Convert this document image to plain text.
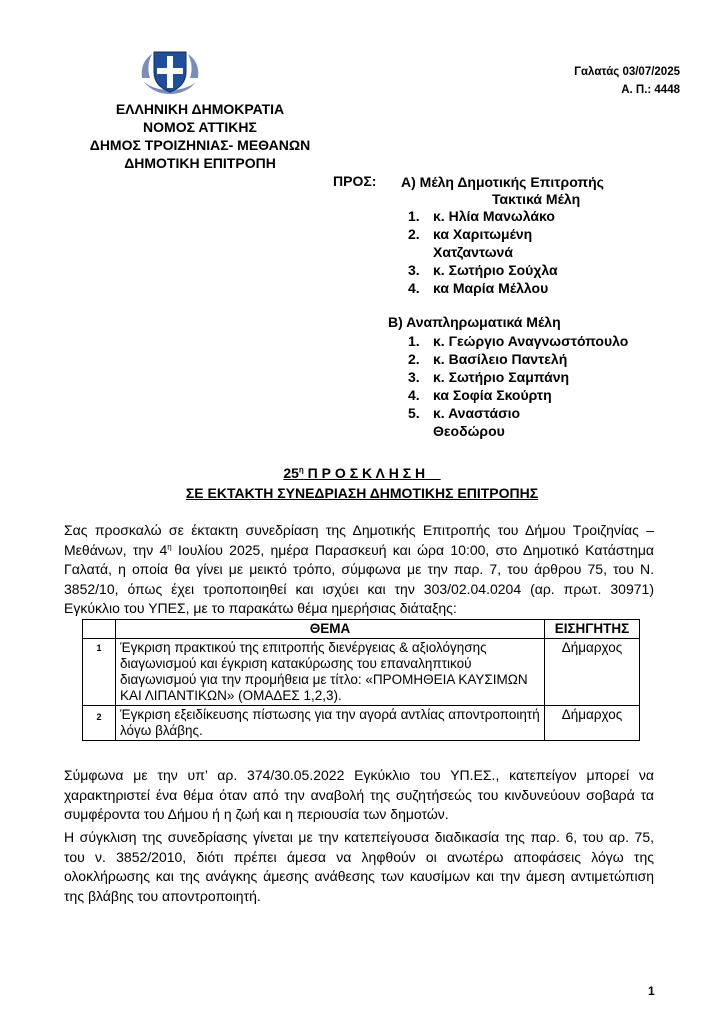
Γαλατάς 03/07/2025
Α. Π.: 4448
ΕΛΛΗΝΙΚΗ ΔΗΜΟΚΡΑΤΙΑ
ΝΟΜΟΣ ΑΤΤΙΚΗΣ
ΔΗΜΟΣ ΤΡΟΙΖΗΝΙΑΣ- ΜΕΘΑΝΩΝ
ΔΗΜΟΤΙΚΗ ΕΠΙΤΡΟΠΗ
ΠΡΟΣ: Α) Μέλη Δημοτικής Επιτροπής
Τακτικά Μέλη
1. κ. Ηλία Μανωλάκο
2. κα Χαριτωμένη Χατζαντωνά
3. κ. Σωτήριο Σούχλα
4. κα Μαρία Μέλλου
Β) Αναπληρωματικά Μέλη
1. κ. Γεώργιο Αναγνωστόπουλο
2. κ. Βασίλειο Παντελή
3. κ. Σωτήριο Σαμπάνη
4. κα Σοφία Σκούρτη
5. κ. Αναστάσιο Θεοδώρου
$25^\eta$ Π Ρ Ο Σ Κ Λ Η Σ Η
ΣΕ ΕΚΤΑΚΤΗ ΣΥΝΕΔΡΙΑΣΗ ΔΗΜΟΤΙΚΗΣ ΕΠΙΤΡΟΠΗΣ
Σας προσκαλώ σε έκτακτη συνεδρίαση της Δημοτικής Επιτροπής του Δήμου Τροιζηνίας – Μεθάνων, την $4^\eta$ Ιουλίου 2025, ημέρα Παρασκευή και ώρα 10:00, στο Δημοτικό Κατάστημα Γαλατά, η οποία θα γίνει με μεικτό τρόπο, σύμφωνα με την παρ. 7, του άρθρου 75, του Ν. 3852/10, όπως έχει τροποποιηθεί και ισχύει και την 303/02.04.0204 (αρ. πρωτ. 30971) Εγκύκλιο του ΥΠΕΣ, με το παρακάτω θέμα ημερήσιας διάταξης:
	ΘΕΜΑ	ΕΙΣΗΓΗΤΗΣ
1	Έγκριση πρακτικού της επιτροπής διενέργειας & αξιολόγησης διαγωνισμού και έγκριση κατακύρωσης του επαναληπτικού διαγωνισμού για την προμήθεια με τίτλο: «ΠΡΟΜΗΘΕΙΑ ΚΑΥΣΙΜΩΝ ΚΑΙ ΛΙΠΑΝΤΙΚΩΝ» (ΟΜΑΔΕΣ 1,2,3).	Δήμαρχος
2	Έγκριση εξειδίκευσης πίστωσης για την αγορά αντλίας αποντροποιητή λόγω βλάβης.	Δήμαρχος
Σύμφωνα με την υπ’ αρ. 374/30.05.2022 Εγκύκλιο του ΥΠ.ΕΣ., κατεπείγον μπορεί να χαρακτηριστεί ένα θέμα όταν από την αναβολή της συζητήσεώς του κινδυνεύουν σοβαρά τα συμφέροντα του Δήμου ή η ζωή και η περιουσία των δημοτών.
Η σύγκλιση της συνεδρίασης γίνεται με την κατεπείγουσα διαδικασία της παρ. 6, του αρ. 75, του ν. 3852/2010, διότι πρέπει άμεσα να ληφθούν οι ανωτέρω αποφάσεις λόγω της ολοκλήρωσης και της ανάγκης άμεσης ανάθεσης των καυσίμων και την άμεση αντιμετώπιση της βλάβης του αποντροποιητή.
1
